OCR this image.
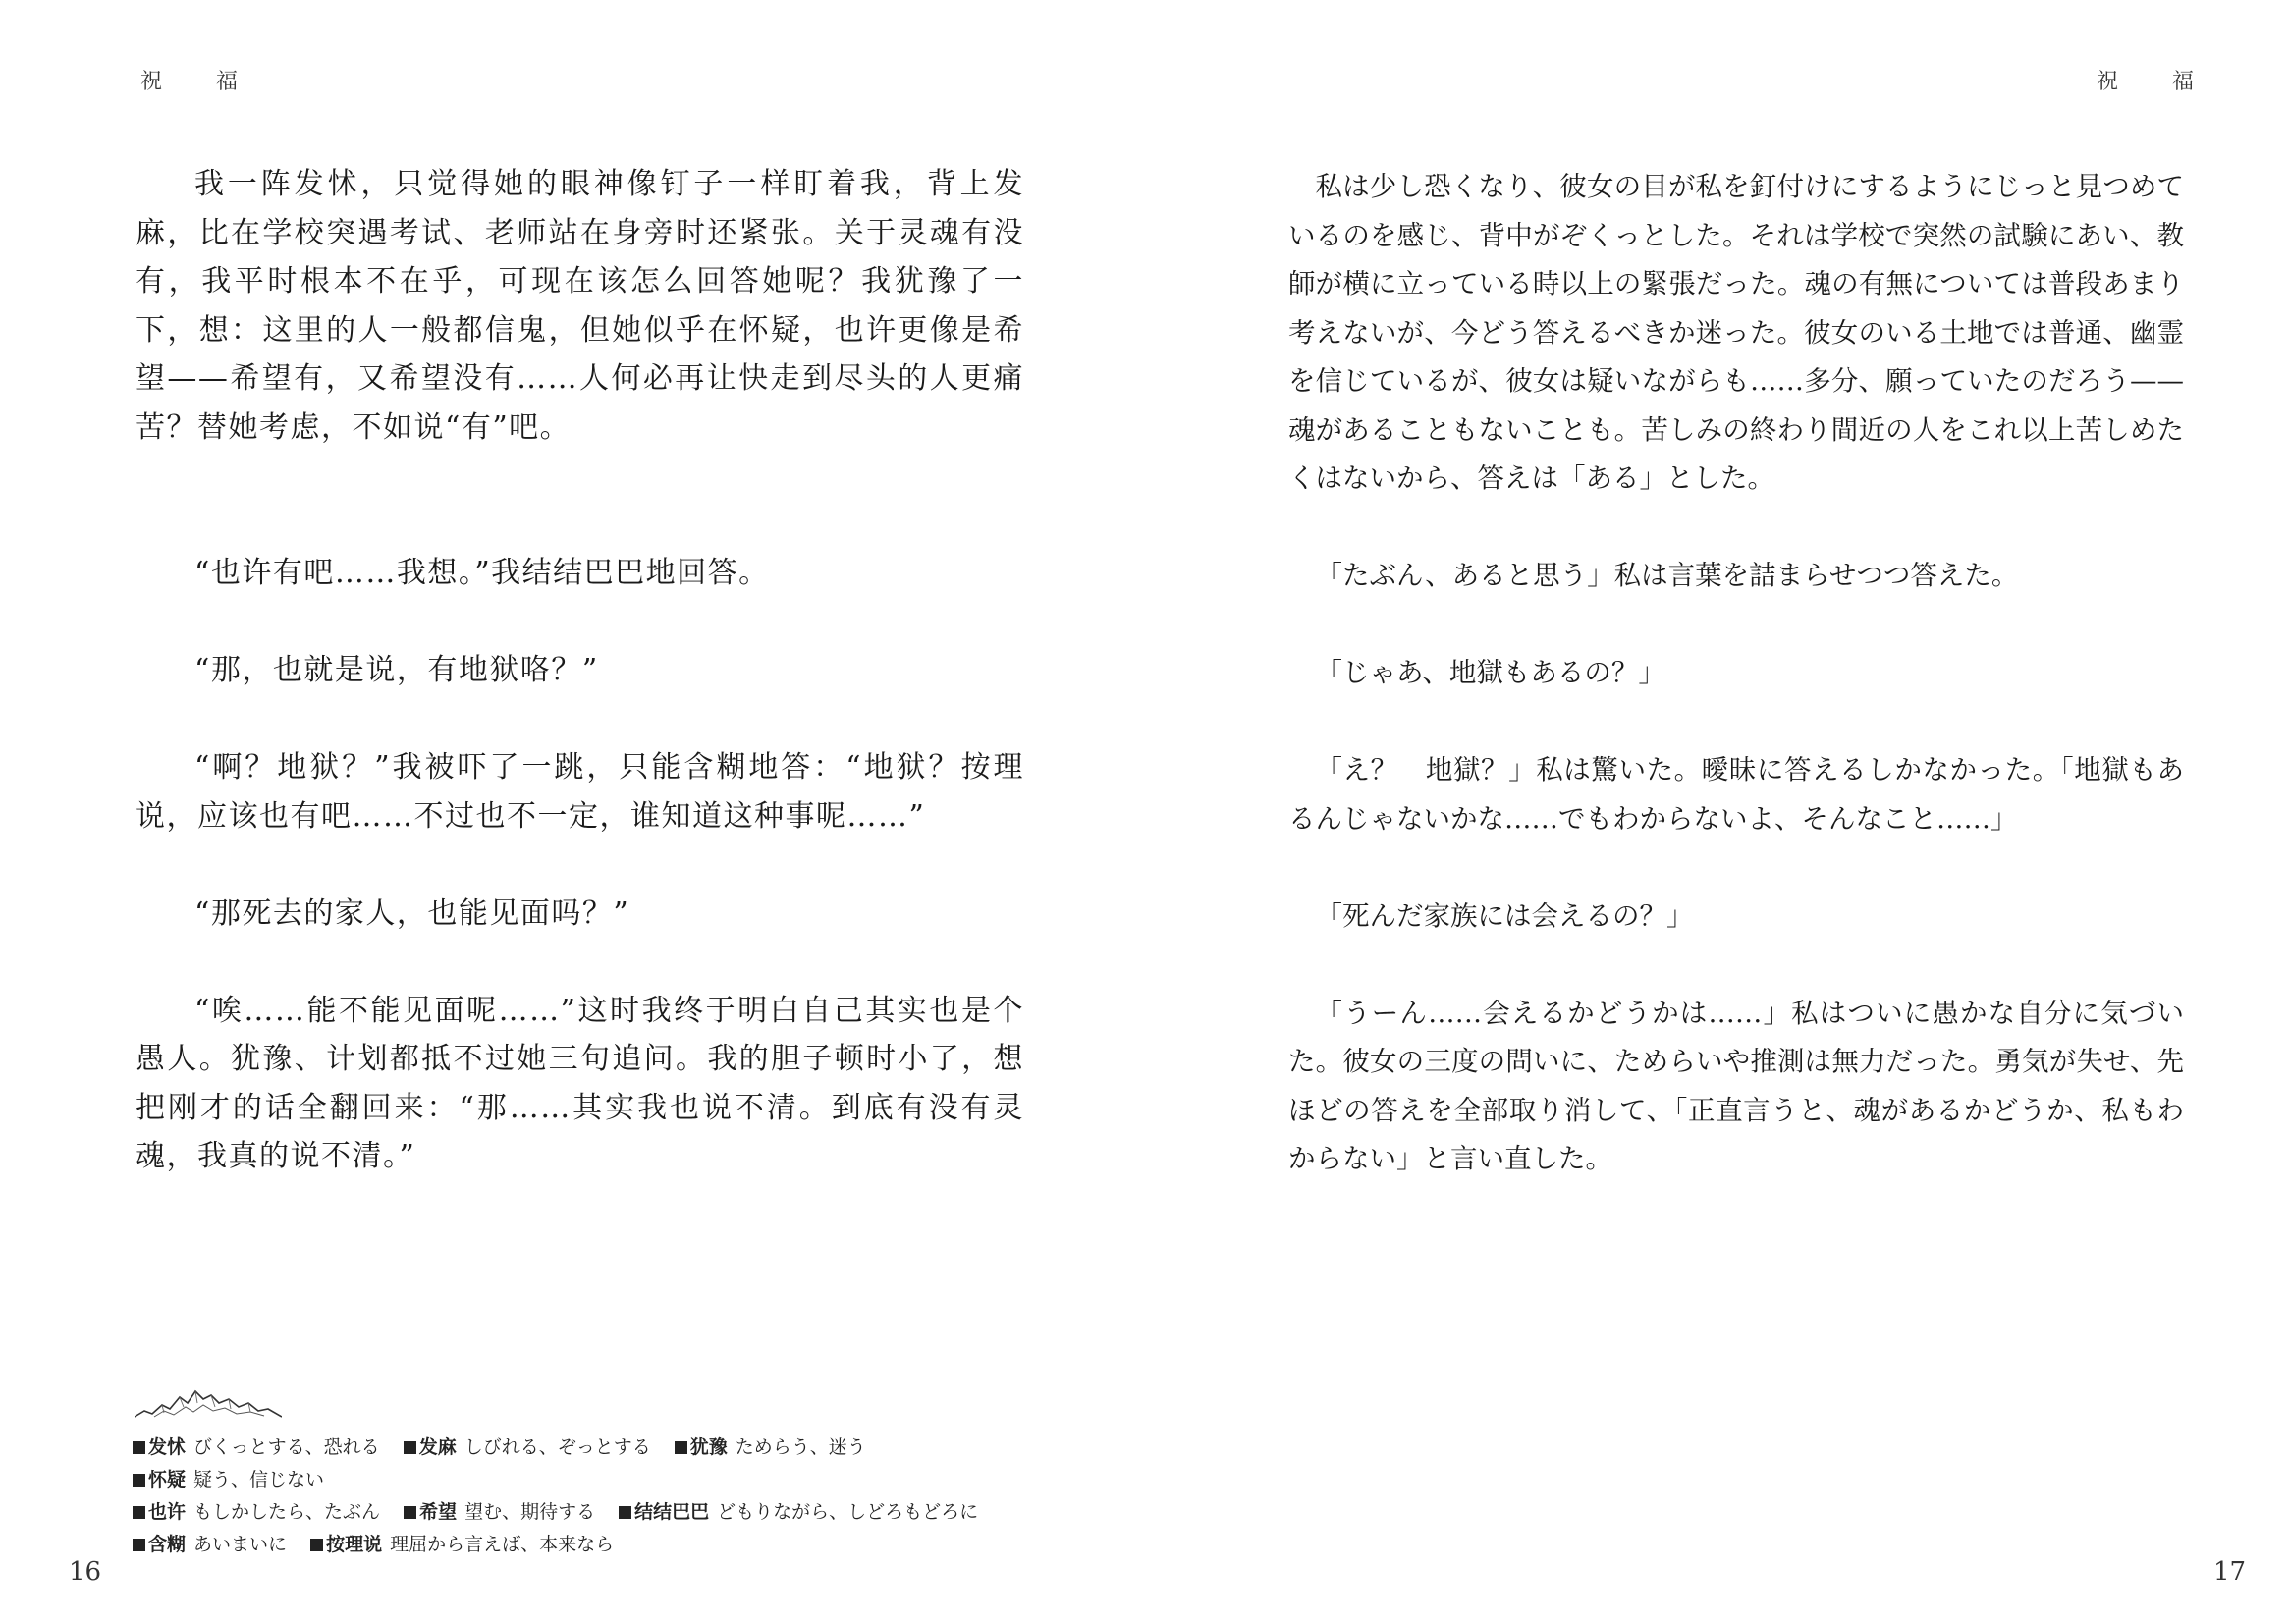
祝 福

我一阵发怵，只觉得她的眼神像钉子一样盯着我，背上发麻，比在学校突遇考试、老师站在身旁时还紧张。关于灵魂有没有，我平时根本不在乎，可现在该怎么回答她呢？我犹豫了一下，想：这里的人一般都信鬼，但她似乎在怀疑，也许更像是希望——希望有，又希望没有……人何必再让快走到尽头的人更痛苦？替她考虑，不如说“有”吧。

“也许有吧……我想。”我结结巴巴地回答。

“那，也就是说，有地狱咯？”

“啊？地狱？”我被吓了一跳，只能含糊地答：“地狱？按理说，应该也有吧……不过也不一定，谁知道这种事呢……”

“那死去的家人，也能见面吗？”

“唉……能不能见面呢……”这时我终于明白自己其实也是个愚人。犹豫、计划都抵不过她三句追问。我的胆子顿时小了，想把刚才的话全翻回来：“那……其实我也说不清。到底有没有灵魂，我真的说不清。”

发怵 びくっとする、恐れる 发麻 しびれる、ぞっとする 犹豫 ためらう、迷う 怀疑 疑う、信じない
也许 もしかしたら、たぶん 希望 望む、期待する 结结巴巴 どもりながら、しどろもどろに
含糊 あいまいに 按理说 理屈から言えば、本来なら
16
祝 福

私は少し恐くなり、彼女の目が私を釘付けにするようにじっと見つめているのを感じ、背中がぞくっとした。それは学校で突然の試験にあい、教師が横に立っている時以上の緊張だった。魂の有無については普段あまり考えないが、今どう答えるべきか迷った。彼女のいる土地では普通、幽霊を信じているが、彼女は疑いながらも……多分、願っていたのだろう——魂があることもないことも。苦しみの終わり間近の人をこれ以上苦しめたくはないから、答えは「ある」とした。

「たぶん、あると思う」私は言葉を詰まらせつつ答えた。

「じゃあ、地獄もあるの？」

「え？　地獄？」私は驚いた。曖昧に答えるしかなかった。「地獄もあるんじゃないかな……でもわからないよ、そんなこと……」

「死んだ家族には会えるの？」

「うーん……会えるかどうかは……」私はついに愚かな自分に気づいた。彼女の三度の問いに、ためらいや推測は無力だった。勇気が失せ、先ほどの答えを全部取り消して、「正直言うと、魂があるかどうか、私もわからない」と言い直した。

17
